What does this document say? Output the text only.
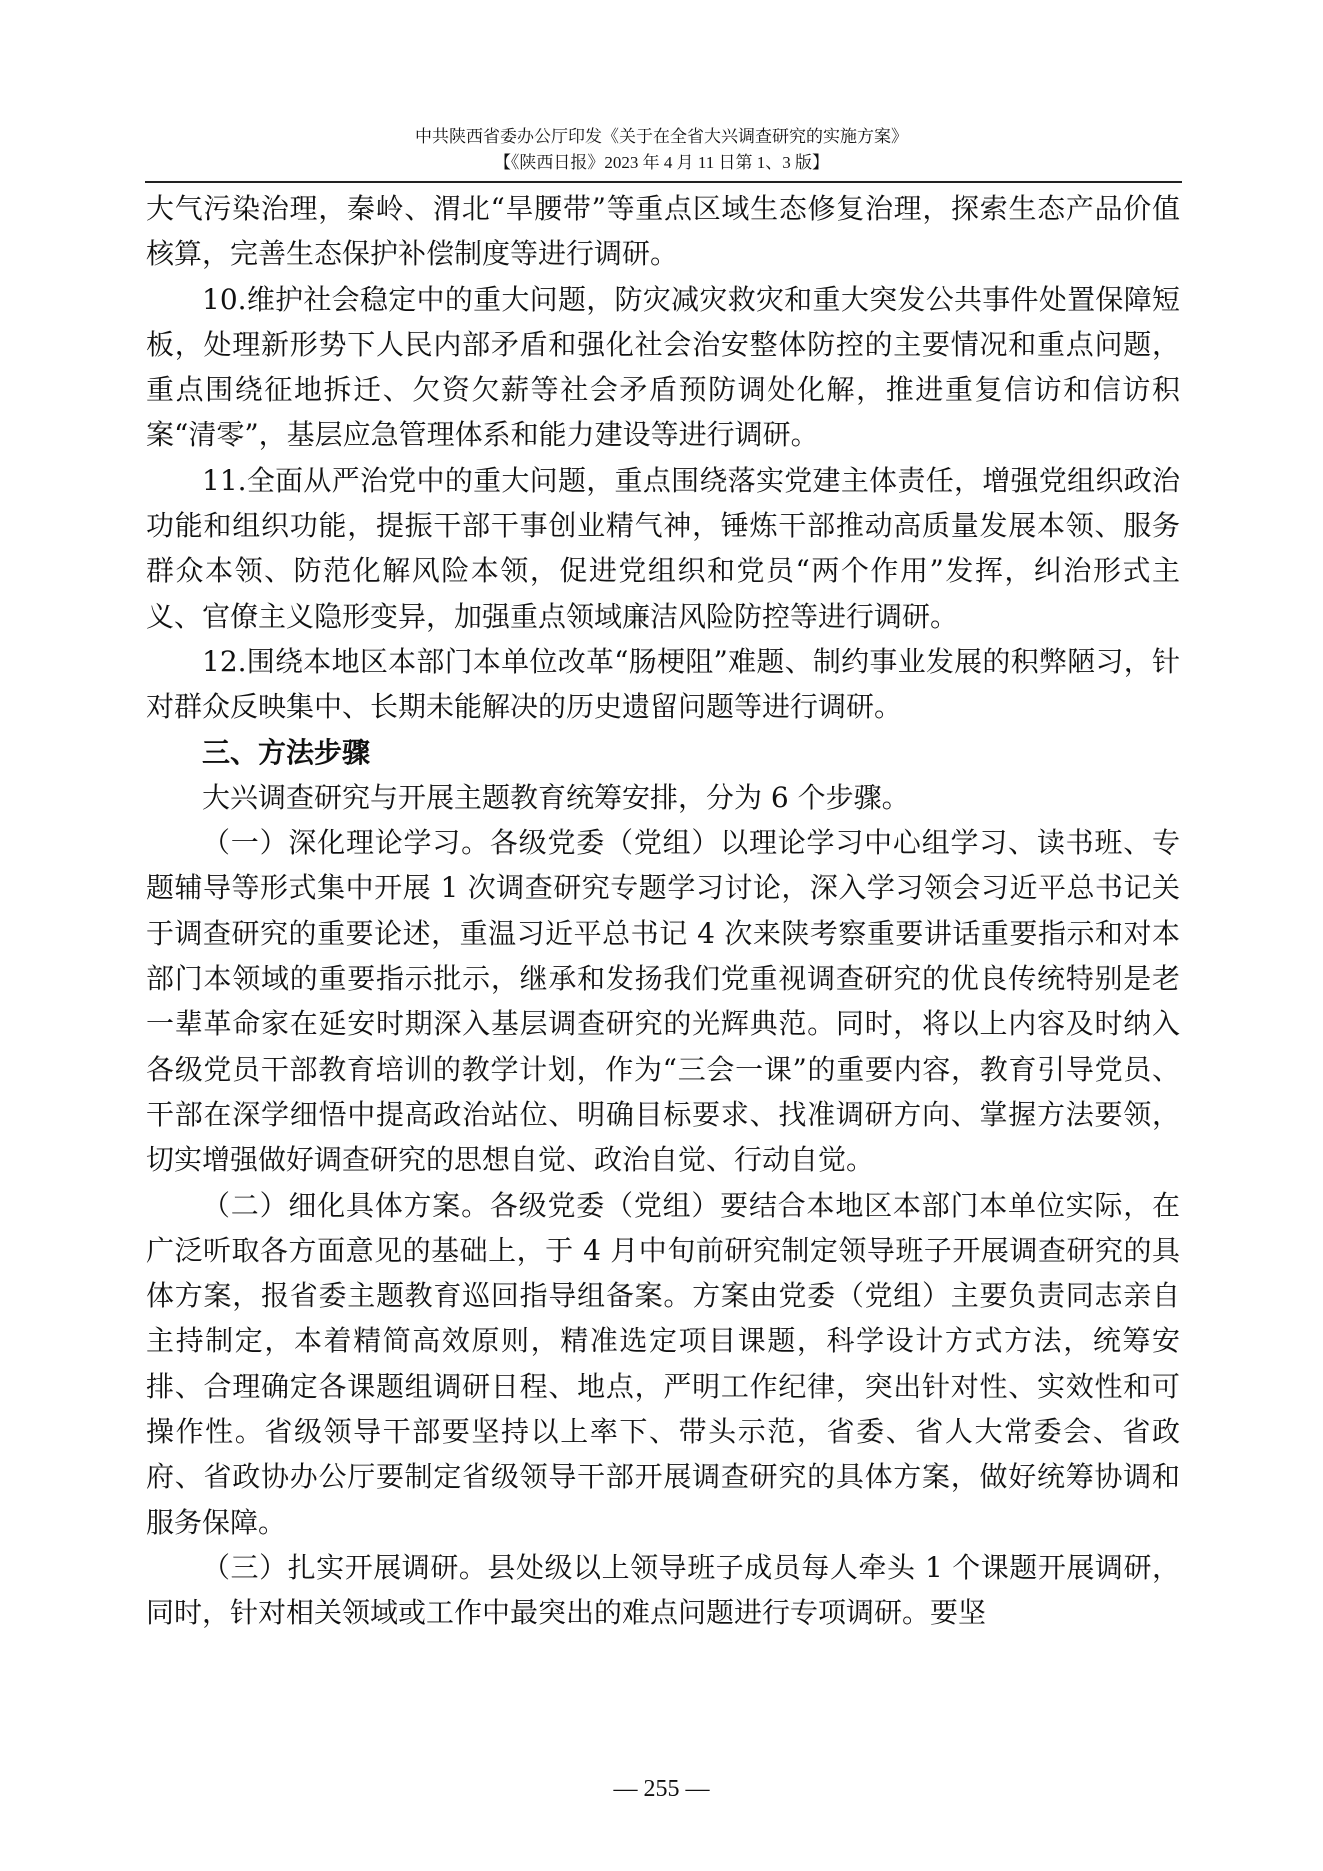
中共陕西省委办公厅印发《关于在全省大兴调查研究的实施方案》
【《陕西日报》2023 年 4 月 11 日第 1、3 版】

大气污染治理，秦岭、渭北“旱腰带”等重点区域生态修复治理，探索生态产品价值核算，完善生态保护补偿制度等进行调研。

10.维护社会稳定中的重大问题，防灾减灾救灾和重大突发公共事件处置保障短板，处理新形势下人民内部矛盾和强化社会治安整体防控的主要情况和重点问题，重点围绕征地拆迁、欠资欠薪等社会矛盾预防调处化解，推进重复信访和信访积案“清零”，基层应急管理体系和能力建设等进行调研。

11.全面从严治党中的重大问题，重点围绕落实党建主体责任，增强党组织政治功能和组织功能，提振干部干事创业精气神，锤炼干部推动高质量发展本领、服务群众本领、防范化解风险本领，促进党组织和党员“两个作用”发挥，纠治形式主义、官僚主义隐形变异，加强重点领域廉洁风险防控等进行调研。

12.围绕本地区本部门本单位改革“肠梗阻”难题、制约事业发展的积弊陋习，针对群众反映集中、长期未能解决的历史遗留问题等进行调研。

三、方法步骤

大兴调查研究与开展主题教育统筹安排，分为 6 个步骤。

（一）深化理论学习。各级党委（党组）以理论学习中心组学习、读书班、专题辅导等形式集中开展 1 次调查研究专题学习讨论，深入学习领会习近平总书记关于调查研究的重要论述，重温习近平总书记 4 次来陕考察重要讲话重要指示和对本部门本领域的重要指示批示，继承和发扬我们党重视调查研究的优良传统特别是老一辈革命家在延安时期深入基层调查研究的光辉典范。同时，将以上内容及时纳入各级党员干部教育培训的教学计划，作为“三会一课”的重要内容，教育引导党员、干部在深学细悟中提高政治站位、明确目标要求、找准调研方向、掌握方法要领，切实增强做好调查研究的思想自觉、政治自觉、行动自觉。

（二）细化具体方案。各级党委（党组）要结合本地区本部门本单位实际，在广泛听取各方面意见的基础上，于 4 月中旬前研究制定领导班子开展调查研究的具体方案，报省委主题教育巡回指导组备案。方案由党委（党组）主要负责同志亲自主持制定，本着精简高效原则，精准选定项目课题，科学设计方式方法，统筹安排、合理确定各课题组调研日程、地点，严明工作纪律，突出针对性、实效性和可操作性。省级领导干部要坚持以上率下、带头示范，省委、省人大常委会、省政府、省政协办公厅要制定省级领导干部开展调查研究的具体方案，做好统筹协调和服务保障。

（三）扎实开展调研。县处级以上领导班子成员每人牵头 1 个课题开展调研，同时，针对相关领域或工作中最突出的难点问题进行专项调研。要坚

— 255 —
